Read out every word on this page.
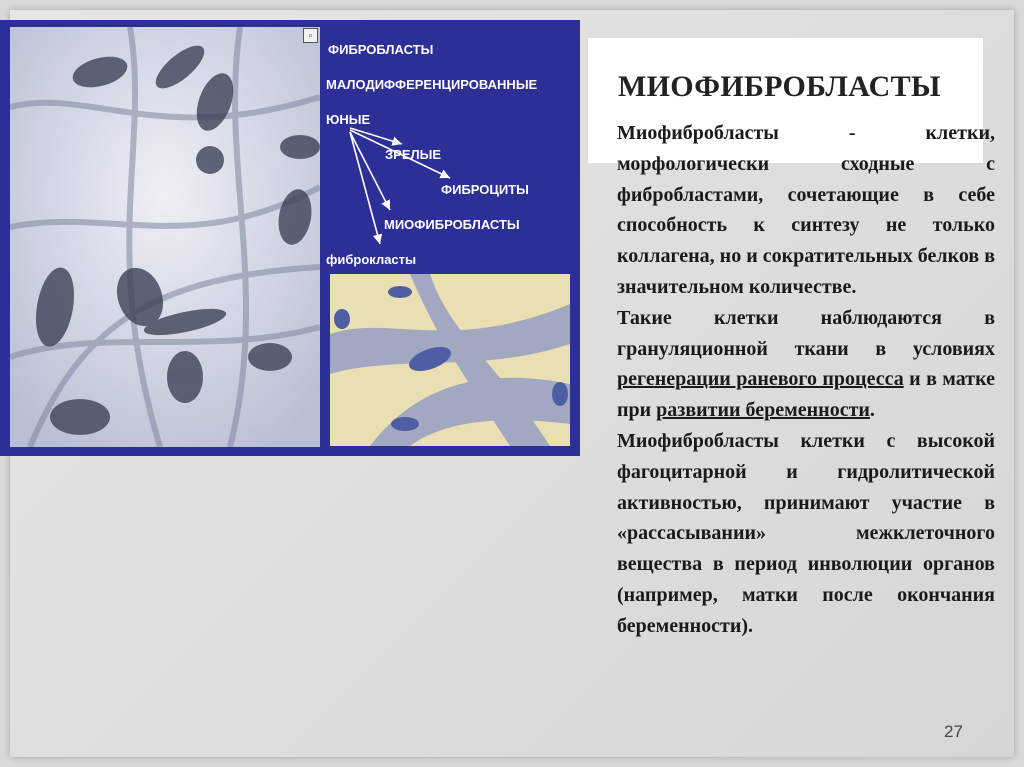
▫
ФИБРОБЛАСТЫ
МАЛОДИФФЕРЕНЦИРОВАННЫЕ
ЮНЫЕ
ЗРЕЛЫЕ
ФИБРОЦИТЫ
МИОФИБРОБЛАСТЫ
фиброкласты
МИОФИБРОБЛАСТЫ

Миофибробласты - клетки, морфологически сходные с фибробластами, сочетающие в себе способность к синтезу не только коллагена, но и сократительных белков в значительном количестве.

Такие клетки наблюдаются в грануляционной ткани в условиях регенерации раневого процесса и в матке при развитии беременности.

Миофибробласты клетки с высокой фагоцитарной и гидролитической активностью, принимают участие в «рассасывании» межклеточного вещества в период инволюции органов (например, матки после окончания беременности).

27
